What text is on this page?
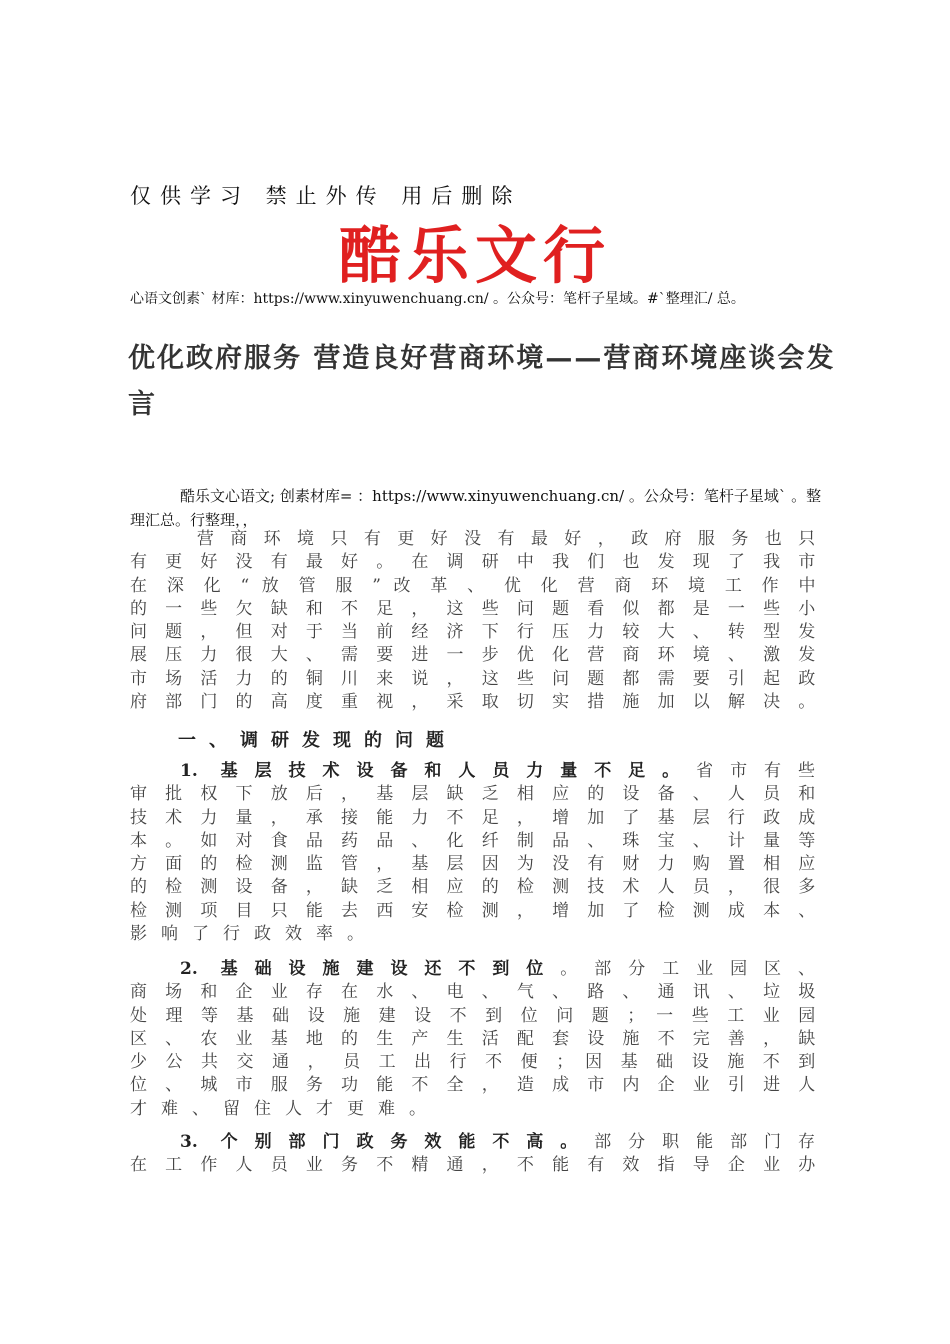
仅供学习 禁止外传 用后删除
酷乐文行
心语文创素` 材库：https://www.xinyuwenchuang.cn/ 。公众号：笔杆子星域。#`整理汇/ 总。
优化政府服务 营造良好营商环境——营商环境座谈会发言
酷乐文心语文; 创素材库= ：https://www.xinyuwenchuang.cn/ 。公众号：笔杆子星域` 。整理汇总。行整理，，
　 　 营 商 环 境 只 有 更 好 没 有 最 好 ， 政 府 服 务 也 只
有 更 好 没 有 最 好 。 在 调 研 中 我 们 也 发 现 了 我 市
在 深 化 “ 放 管 服 ” 改 革 、 优 化 营 商 环 境 工 作 中
的 一 些 欠 缺 和 不 足 ， 这 些 问 题 看 似 都 是 一 些 小
问 题 ， 但 对 于 当 前 经 济 下 行 压 力 较 大 、 转 型 发
展 压 力 很 大 、 需 要 进 一 步 优 化 营 商 环 境 、 激 发
市 场 活 力 的 铜 川 来 说 ， 这 些 问 题 都 需 要 引 起 政
府 部 门 的 高 度 重 视 ， 采 取 切 实 措 施 加 以 解 决 。
一、调研发现的问题
1. 基层技术设备和人员力量不足。省市有些
审 批 权 下 放 后 ， 基 层 缺 乏 相 应 的 设 备 、 人 员 和
技 术 力 量 ， 承 接 能 力 不 足 ， 增 加 了 基 层 行 政 成
本 。 如 对 食 品 药 品 、 化 纤 制 品 、 珠 宝 、 计 量 等
方 面 的 检 测 监 管 ， 基 层 因 为 没 有 财 力 购 置 相 应
的 检 测 设 备 ， 缺 乏 相 应 的 检 测 技 术 人 员 ， 很 多
检 测 项 目 只 能 去 西 安 检 测 ， 增 加 了 检 测 成 本 、
影响了行政效率。
2. 基础设施建设还不到位。部分工业园区、
商 场 和 企 业 存 在 水 、 电 、 气 、 路 、 通 讯 、 垃 圾
处 理 等 基 础 设 施 建 设 不 到 位 问 题 ； 一 些 工 业 园
区 、 农 业 基 地 的 生 产 生 活 配 套 设 施 不 完 善 ， 缺
少 公 共 交 通 ， 员 工 出 行 不 便 ； 因 基 础 设 施 不 到
位 、 城 市 服 务 功 能 不 全 ， 造 成 市 内 企 业 引 进 人
才难、留住人才更难。
3. 个别部门政务效能不高。部分职能部门存
在 工 作 人 员 业 务 不 精 通 ， 不 能 有 效 指 导 企 业 办
